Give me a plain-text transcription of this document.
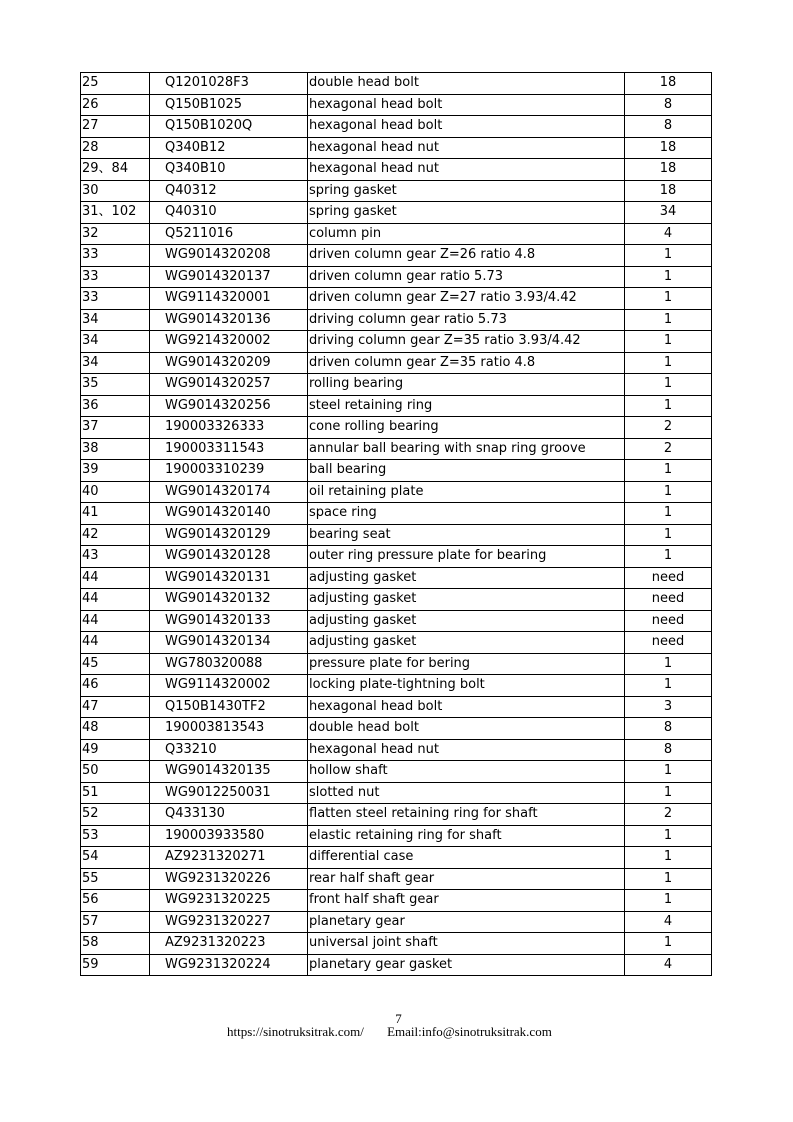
25	Q1201028F3	double head bolt	18
26	Q150B1025	hexagonal head bolt	8
27	Q150B1020Q	hexagonal head bolt	8
28	Q340B12	hexagonal head nut	18
29、84	Q340B10	hexagonal head nut	18
30	Q40312	spring gasket	18
31、102	Q40310	spring gasket	34
32	Q5211016	column pin	4
33	WG9014320208	driven column gear Z=26 ratio 4.8	1
33	WG9014320137	driven column gear ratio 5.73	1
33	WG9114320001	driven column gear Z=27 ratio 3.93/4.42	1
34	WG9014320136	driving column gear ratio 5.73	1
34	WG9214320002	driving column gear Z=35 ratio 3.93/4.42	1
34	WG9014320209	driven column gear Z=35 ratio 4.8	1
35	WG9014320257	rolling bearing	1
36	WG9014320256	steel retaining ring	1
37	190003326333	cone rolling bearing	2
38	190003311543	annular ball bearing with snap ring groove	2
39	190003310239	ball bearing	1
40	WG9014320174	oil retaining plate	1
41	WG9014320140	space ring	1
42	WG9014320129	bearing seat	1
43	WG9014320128	outer ring pressure plate for bearing	1
44	WG9014320131	adjusting gasket	need
44	WG9014320132	adjusting gasket	need
44	WG9014320133	adjusting gasket	need
44	WG9014320134	adjusting gasket	need
45	WG780320088	pressure plate for bering	1
46	WG9114320002	locking plate-tightning bolt	1
47	Q150B1430TF2	hexagonal head bolt	3
48	190003813543	double head bolt	8
49	Q33210	hexagonal head nut	8
50	WG9014320135	hollow shaft	1
51	WG9012250031	slotted nut	1
52	Q433130	flatten steel retaining ring for shaft	2
53	190003933580	elastic retaining ring for shaft	1
54	AZ9231320271	differential case	1
55	WG9231320226	rear half shaft gear	1
56	WG9231320225	front half shaft gear	1
57	WG9231320227	planetary gear	4
58	AZ9231320223	universal joint shaft	1
59	WG9231320224	planetary gear gasket	4
7
https://sinotruksitrak.com/ Email:info@sinotruksitrak.com
